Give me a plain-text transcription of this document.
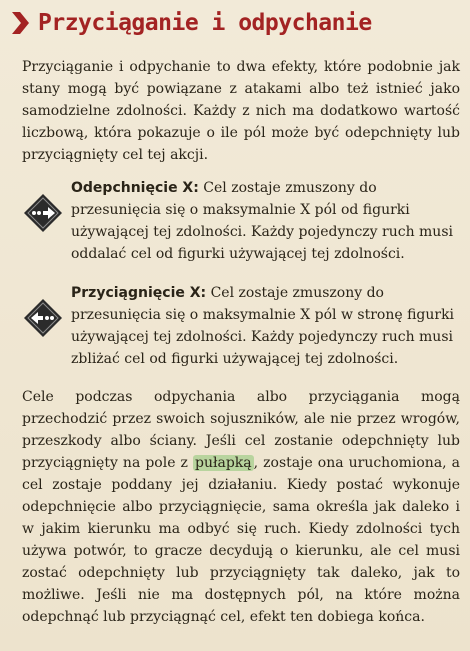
Przyciąganie i odpychanie

Przyciąganie i odpychanie to dwa efekty, które podobnie jak stany mogą być powiązane z atakami albo też istnieć jako samodzielne zdolności. Każdy z nich ma dodatkowo wartość liczbową, która pokazuje o ile pól może być odepchnięty lub przyciągnięty cel tej akcji.

Odepchnięcie X: Cel zostaje zmuszony do przesunięcia się o maksymalnie X pól od figurki używającej tej zdolności. Każdy pojedynczy ruch musi oddalać cel od figurki używającej tej zdolności.

Przyciągnięcie X: Cel zostaje zmuszony do przesunięcia się o maksymalnie X pól w stronę figurki używającej tej zdolności. Każdy pojedynczy ruch musi zbliżać cel od figurki używającej tej zdolności.

Cele podczas odpychania albo przyciągania mogą przechodzić przez swoich sojuszników, ale nie przez wrogów, przeszkody albo ściany. Jeśli cel zostanie odepchnięty lub przyciągnięty na pole z pułapką , zostaje ona uruchomiona, a cel zostaje poddany jej działaniu. Kiedy postać wykonuje odepchnięcie albo przyciągnięcie, sama określa jak daleko i w jakim kierunku ma odbyć się ruch. Kiedy zdolności tych używa potwór, to gracze decydują o kierunku, ale cel musi zostać odepchnięty lub przyciągnięty tak daleko, jak to możliwe. Jeśli nie ma dostępnych pól, na które można odepchnąć lub przyciągnąć cel, efekt ten dobiega końca.
